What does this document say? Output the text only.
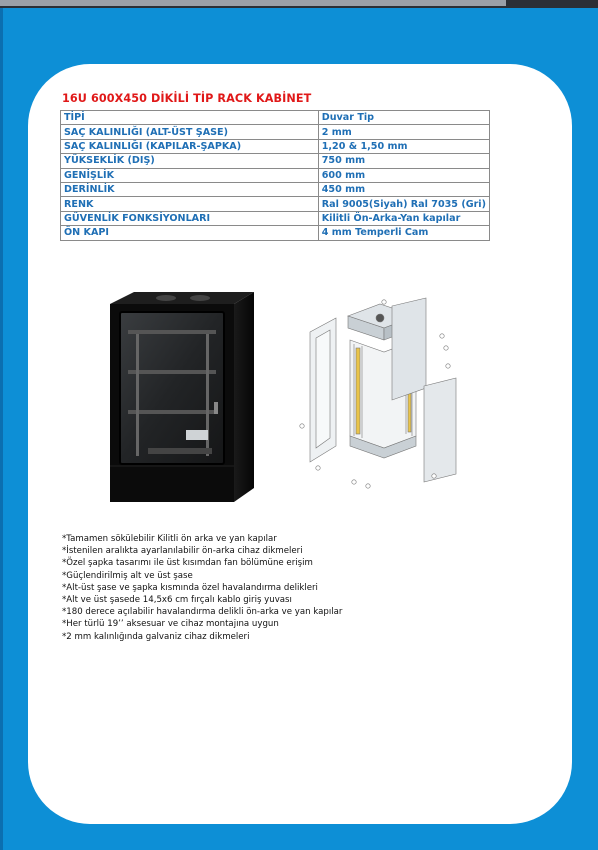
16U 600X450 DİKİLİ TİP RACK KABİNET
TİPİ	Duvar Tip
SAÇ KALINLIĞI (ALT-ÜST ŞASE)	2 mm
SAÇ KALINLIĞI (KAPILAR-ŞAPKA)	1,20 & 1,50 mm
YÜKSEKLİK (DIŞ)	750 mm
GENİŞLİK	600 mm
DERİNLİK	450 mm
RENK	Ral 9005(Siyah) Ral 7035 (Gri)
GÜVENLİK FONKSİYONLARI	Kilitli Ön-Arka-Yan kapılar
ÖN KAPI	4 mm Temperli Cam
*Tamamen sökülebilir Kilitli ön arka ve yan kapılar
*İstenilen aralıkta ayarlanılabilir ön-arka cihaz dikmeleri
*Özel şapka tasarımı ile üst kısımdan fan bölümüne erişim
*Güçlendirilmiş alt ve üst şase
*Alt-üst şase ve şapka kısmında özel havalandırma delikleri
*Alt ve üst şasede 14,5x6 cm fırçalı kablo giriş yuvası
*180 derece açılabilir havalandırma delikli ön-arka ve yan kapılar
*Her türlü 19’’ aksesuar ve cihaz montajına uygun
*2 mm kalınlığında galvaniz cihaz dikmeleri
